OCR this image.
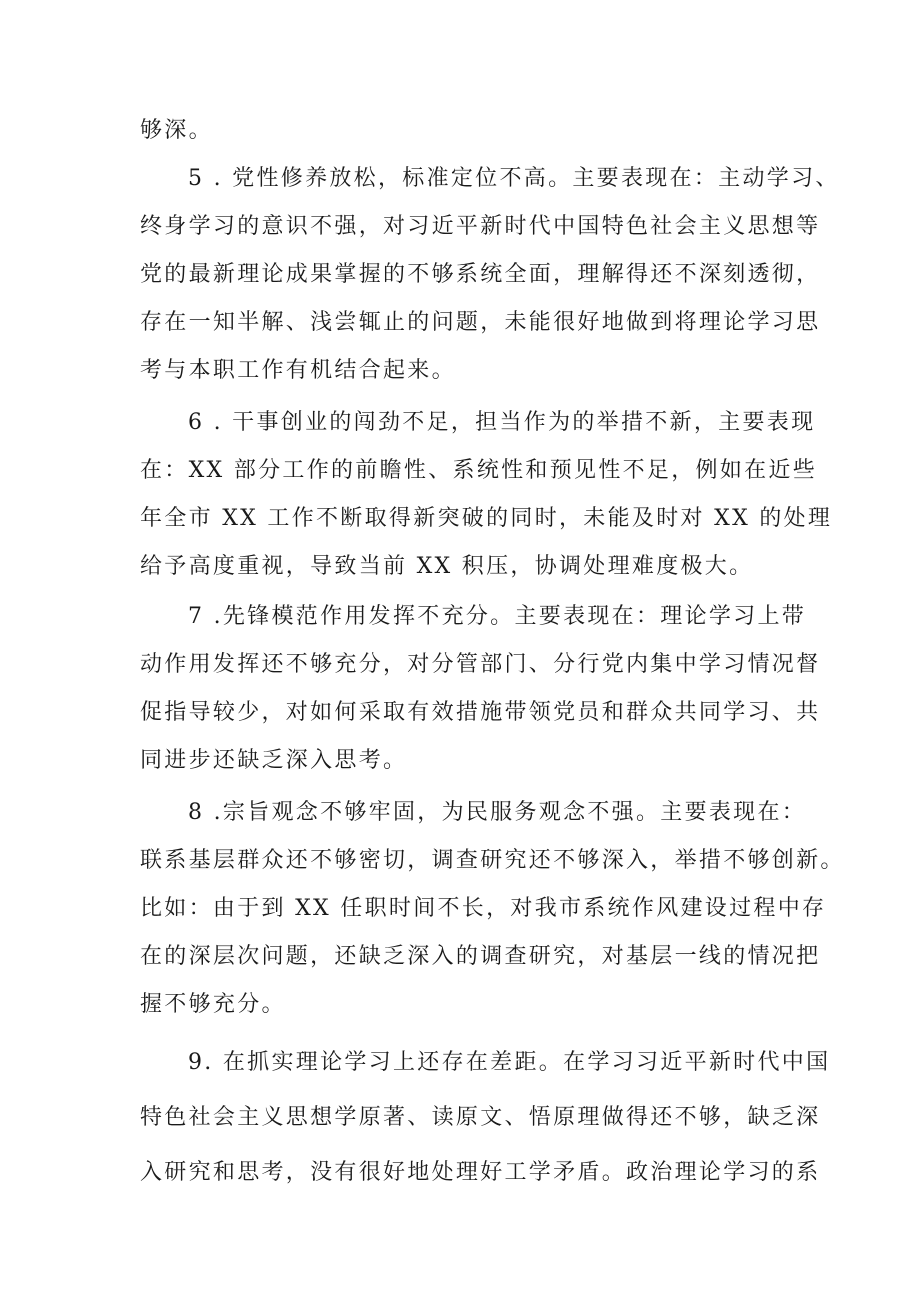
够深。

5 . 党性修养放松，标准定位不高。主要表现在：主动学习、
终身学习的意识不强，对习近平新时代中国特色社会主义思想等
党的最新理论成果掌握的不够系统全面，理解得还不深刻透彻，
存在一知半解、浅尝辄止的问题，未能很好地做到将理论学习思
考与本职工作有机结合起来。

6 . 干事创业的闯劲不足，担当作为的举措不新，主要表现
在：XX 部分工作的前瞻性、系统性和预见性不足，例如在近些
年全市 XX 工作不断取得新突破的同时，未能及时对 XX 的处理
给予高度重视，导致当前 XX 积压，协调处理难度极大。

7 .先锋模范作用发挥不充分。主要表现在：理论学习上带
动作用发挥还不够充分，对分管部门、分行党内集中学习情况督
促指导较少，对如何采取有效措施带领党员和群众共同学习、共
同进步还缺乏深入思考。

8 .宗旨观念不够牢固，为民服务观念不强。主要表现在：
联系基层群众还不够密切，调查研究还不够深入，举措不够创新。
比如：由于到 XX 任职时间不长，对我市系统作风建设过程中存
在的深层次问题，还缺乏深入的调查研究，对基层一线的情况把
握不够充分。

9. 在抓实理论学习上还存在差距。在学习习近平新时代中国
特色社会主义思想学原著、读原文、悟原理做得还不够，缺乏深
入研究和思考，没有很好地处理好工学矛盾。政治理论学习的系
